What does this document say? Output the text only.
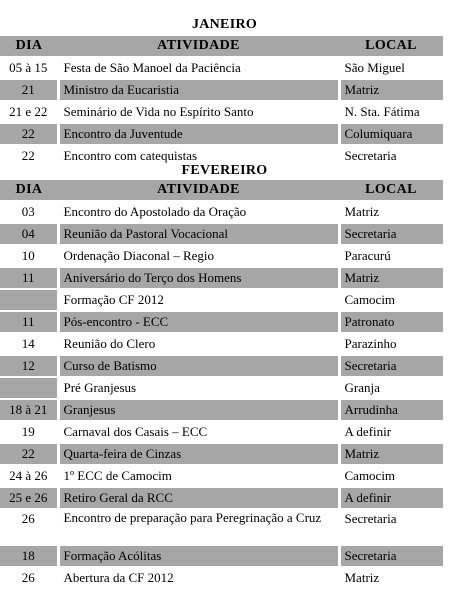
JANEIRO
DIA	ATIVIDADE	LOCAL
05 à 15	Festa de São Manoel da Paciência	São Miguel
21	Ministro da Eucaristia	Matriz
21 e 22	Seminário de Vida no Espírito Santo	N. Sta. Fátima
22	Encontro da Juventude	Columiquara
22	Encontro com catequistas	Secretaria
FEVEREIRO
DIA	ATIVIDADE	LOCAL
03	Encontro do Apostolado da Oração	Matriz
04	Reunião da Pastoral Vocacional	Secretaria
10	Ordenação Diaconal – Regio	Paracurú
11	Aniversário do Terço dos Homens	Matriz
	Formação CF 2012	Camocim
11	Pós-encontro - ECC	Patronato
14	Reunião do Clero	Parazinho
12	Curso de Batismo	Secretaria
	Pré Granjesus	Granja
18 à 21	Granjesus	Arrudinha
19	Carnaval dos Casais – ECC	A definir
22	Quarta-feira de Cinzas	Matriz
24 à 26	1º ECC de Camocim	Camocim
25 e 26	Retiro Geral da RCC	A definir
26	Encontro de preparação para Peregrinação a Cruz	Secretaria
18	Formação Acólitas	Secretaria
26	Abertura da CF 2012	Matriz
